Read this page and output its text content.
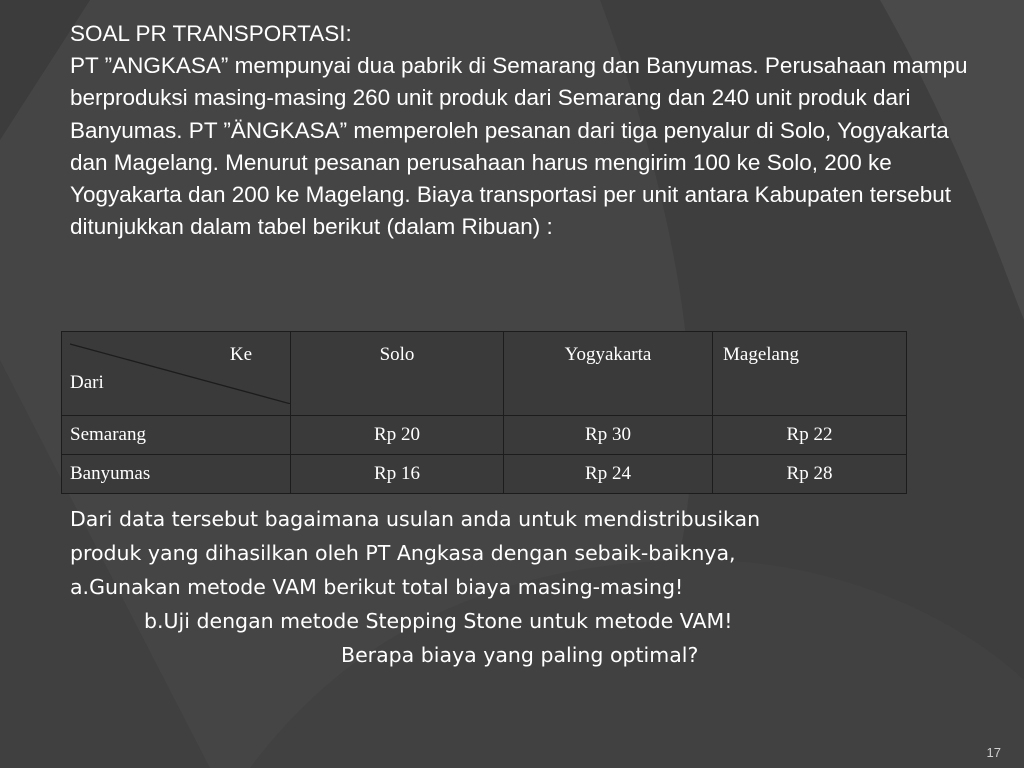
SOAL PR TRANSPORTASI:

PT ”ANGKASA” mempunyai dua pabrik di Semarang dan Banyumas. Perusahaan mampu berproduksi masing-masing 260 unit produk dari Semarang dan 240 unit produk dari Banyumas. PT ”ÄNGKASA” memperoleh pesanan dari tiga penyalur di Solo, Yogyakarta dan Magelang. Menurut pesanan perusahaan harus mengirim 100 ke Solo, 200 ke Yogyakarta dan 200 ke Magelang. Biaya transportasi per unit antara Kabupaten tersebut ditunjukkan dalam tabel berikut (dalam Ribuan) :

Ke
Dari	Solo	Yogyakarta	Magelang
Semarang	Rp 20	Rp 30	Rp 22
Banyumas	Rp 16	Rp 24	Rp 28
Dari data tersebut bagaimana usulan anda untuk mendistribusikan
produk yang dihasilkan oleh PT Angkasa dengan sebaik-baiknya,
a.Gunakan metode VAM berikut total biaya masing-masing!
b.Uji dengan metode Stepping Stone untuk metode VAM!
Berapa biaya yang paling optimal?
17
